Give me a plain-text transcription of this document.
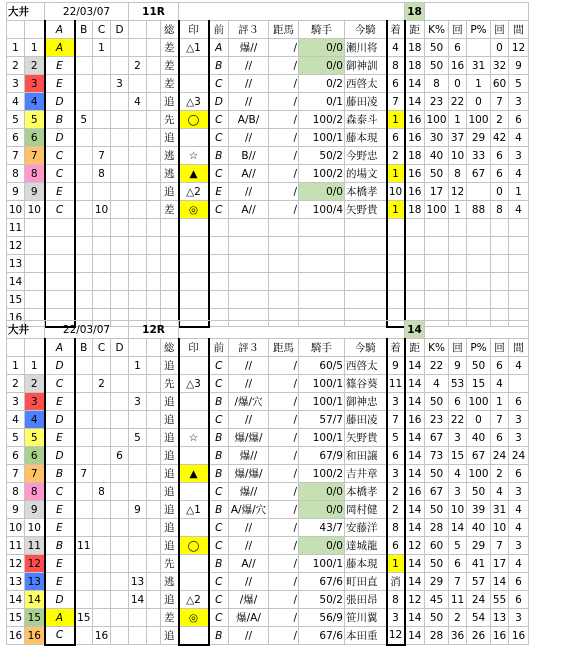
大井		22/03/07				11R										18					
		A	B	C	D			総	印	前	評３	距馬	騎手	今騎	着	距	K%	回	P%	回	間
1	1	A		1				差	△1	A	爆//	/	0/0	瀬川将	4	18	50	6		0	12
2	2	E				2		差		B	//	/	0/0	御神訓	8	18	50	16	31	32	9
3	3	E			3			差		C	//	/	0/2	西啓太	6	14	8	0	1	60	5
4	4	D				4		追	△3	D	//	/	0/1	藤田凌	7	14	23	22	0	7	3
5	5	B	5					先	◯	C	A/B/	/	100/2	森泰斗	1	16	100	1	100	2	6
6	6	D						追		C	//	/	100/1	藤本現	6	16	30	37	29	42	4
7	7	C		7				逃	☆	B	B//	/	50/2	今野忠	2	18	40	10	33	6	3
8	8	C		8				逃	▲	C	A//	/	100/2	的場文	1	16	50	8	67	6	4
9	9	E						追	△2	E	//	/	0/0	本橋孝	10	16	17	12		0	1
10	10	C		10				差	◎	C	A//	/	100/4	矢野貴	1	18	100	1	88	8	4
11																					
12																					
13																					
14																					
15																					
16																					
大井		22/03/07				12R										14					
		A	B	C	D			総	印	前	評３	距馬	騎手	今騎	着	距	K%	回	P%	回	間
1	1	D				1		追		C	//	/	60/5	西啓太	9	14	22	9	50	6	4
2	2	C		2				先	△3	C	//	/	100/1	篠谷葵	11	14	4	53	15	4	
3	3	E				3		追		B	/爆/穴	/	100/1	御神忠	3	14	50	6	100	1	6
4	4	D						追		C	//	/	57/7	藤田凌	7	16	23	22	0	7	3
5	5	E				5		追	☆	B	爆/爆/	/	100/1	矢野貴	5	14	67	3	40	6	3
6	6	D			6			追		B	爆//	/	67/9	和田譲	6	14	73	15	67	24	24
7	7	B	7					追	▲	B	爆/爆/	/	100/2	吉井章	3	14	50	4	100	2	6
8	8	C		8				追		C	爆//	/	0/0	本橋孝	2	16	67	3	50	4	3
9	9	E				9		追	△1	B	A/爆/穴	/	0/0	岡村健	2	14	50	10	39	31	4
10	10	E						追		C	//	/	43/7	安藤洋	8	14	28	14	40	10	4
11	11	B	11					追	◯	C	//	/	0/0	達城龍	6	12	60	5	29	7	3
12	12	E						先		B	A//	/	100/1	藤本現	1	14	50	6	41	17	4
13	13	E				13		逃		C	//	/	67/6	町田直	消	14	29	7	57	14	6
14	14	D				14		追	△2	C	/爆/	/	50/2	張田昂	8	12	45	11	24	55	6
15	15	A	15					差	◎	C	爆/A/	/	56/9	笹川翼	3	14	50	2	54	13	3
16	16	C		16				追		B	//	/	67/6	本田重	12	14	28	36	26	16	16
